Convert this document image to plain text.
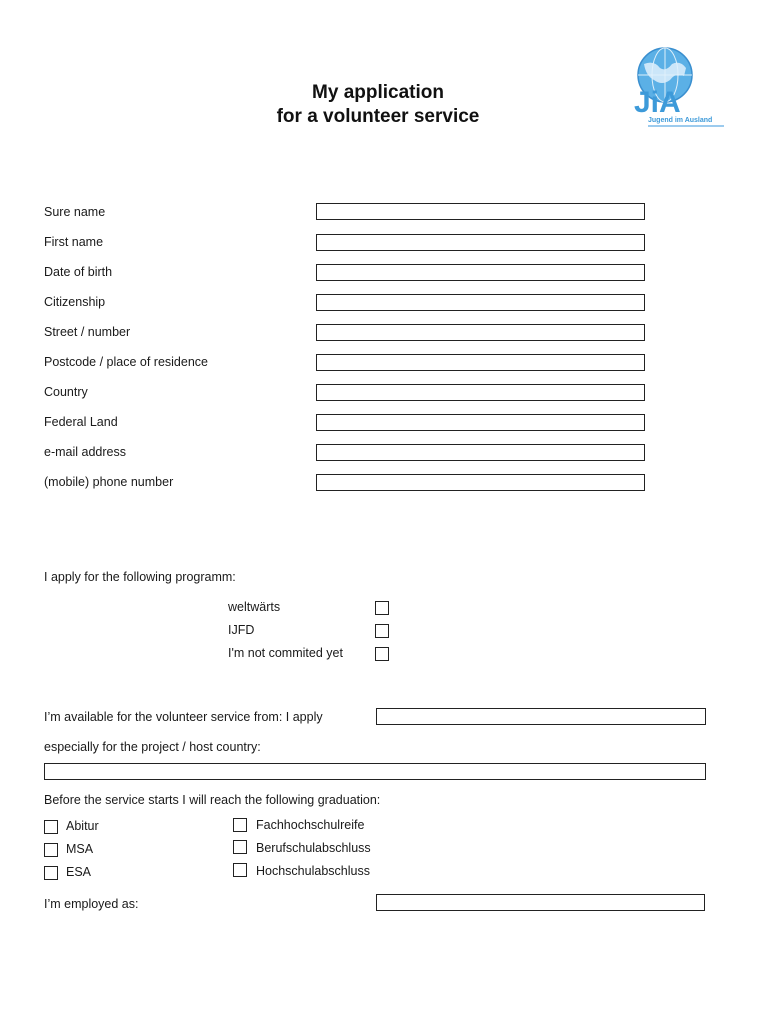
JiA
Jugend im Ausland
My application
for a volunteer service
Sure name
First name
Date of birth
Citizenship
Street / number
Postcode / place of residence
Country
Federal Land
e-mail address
(mobile) phone number
I apply for the following programm:
weltwärts
IJFD
I'm not commited yet
I’m available for the volunteer service from: I apply
especially for the project / host country:
Before the service starts I will reach the following graduation:
Abitur
MSA
ESA
Fachhochschulreife
Berufschulabschluss
Hochschulabschluss
I’m employed as:
